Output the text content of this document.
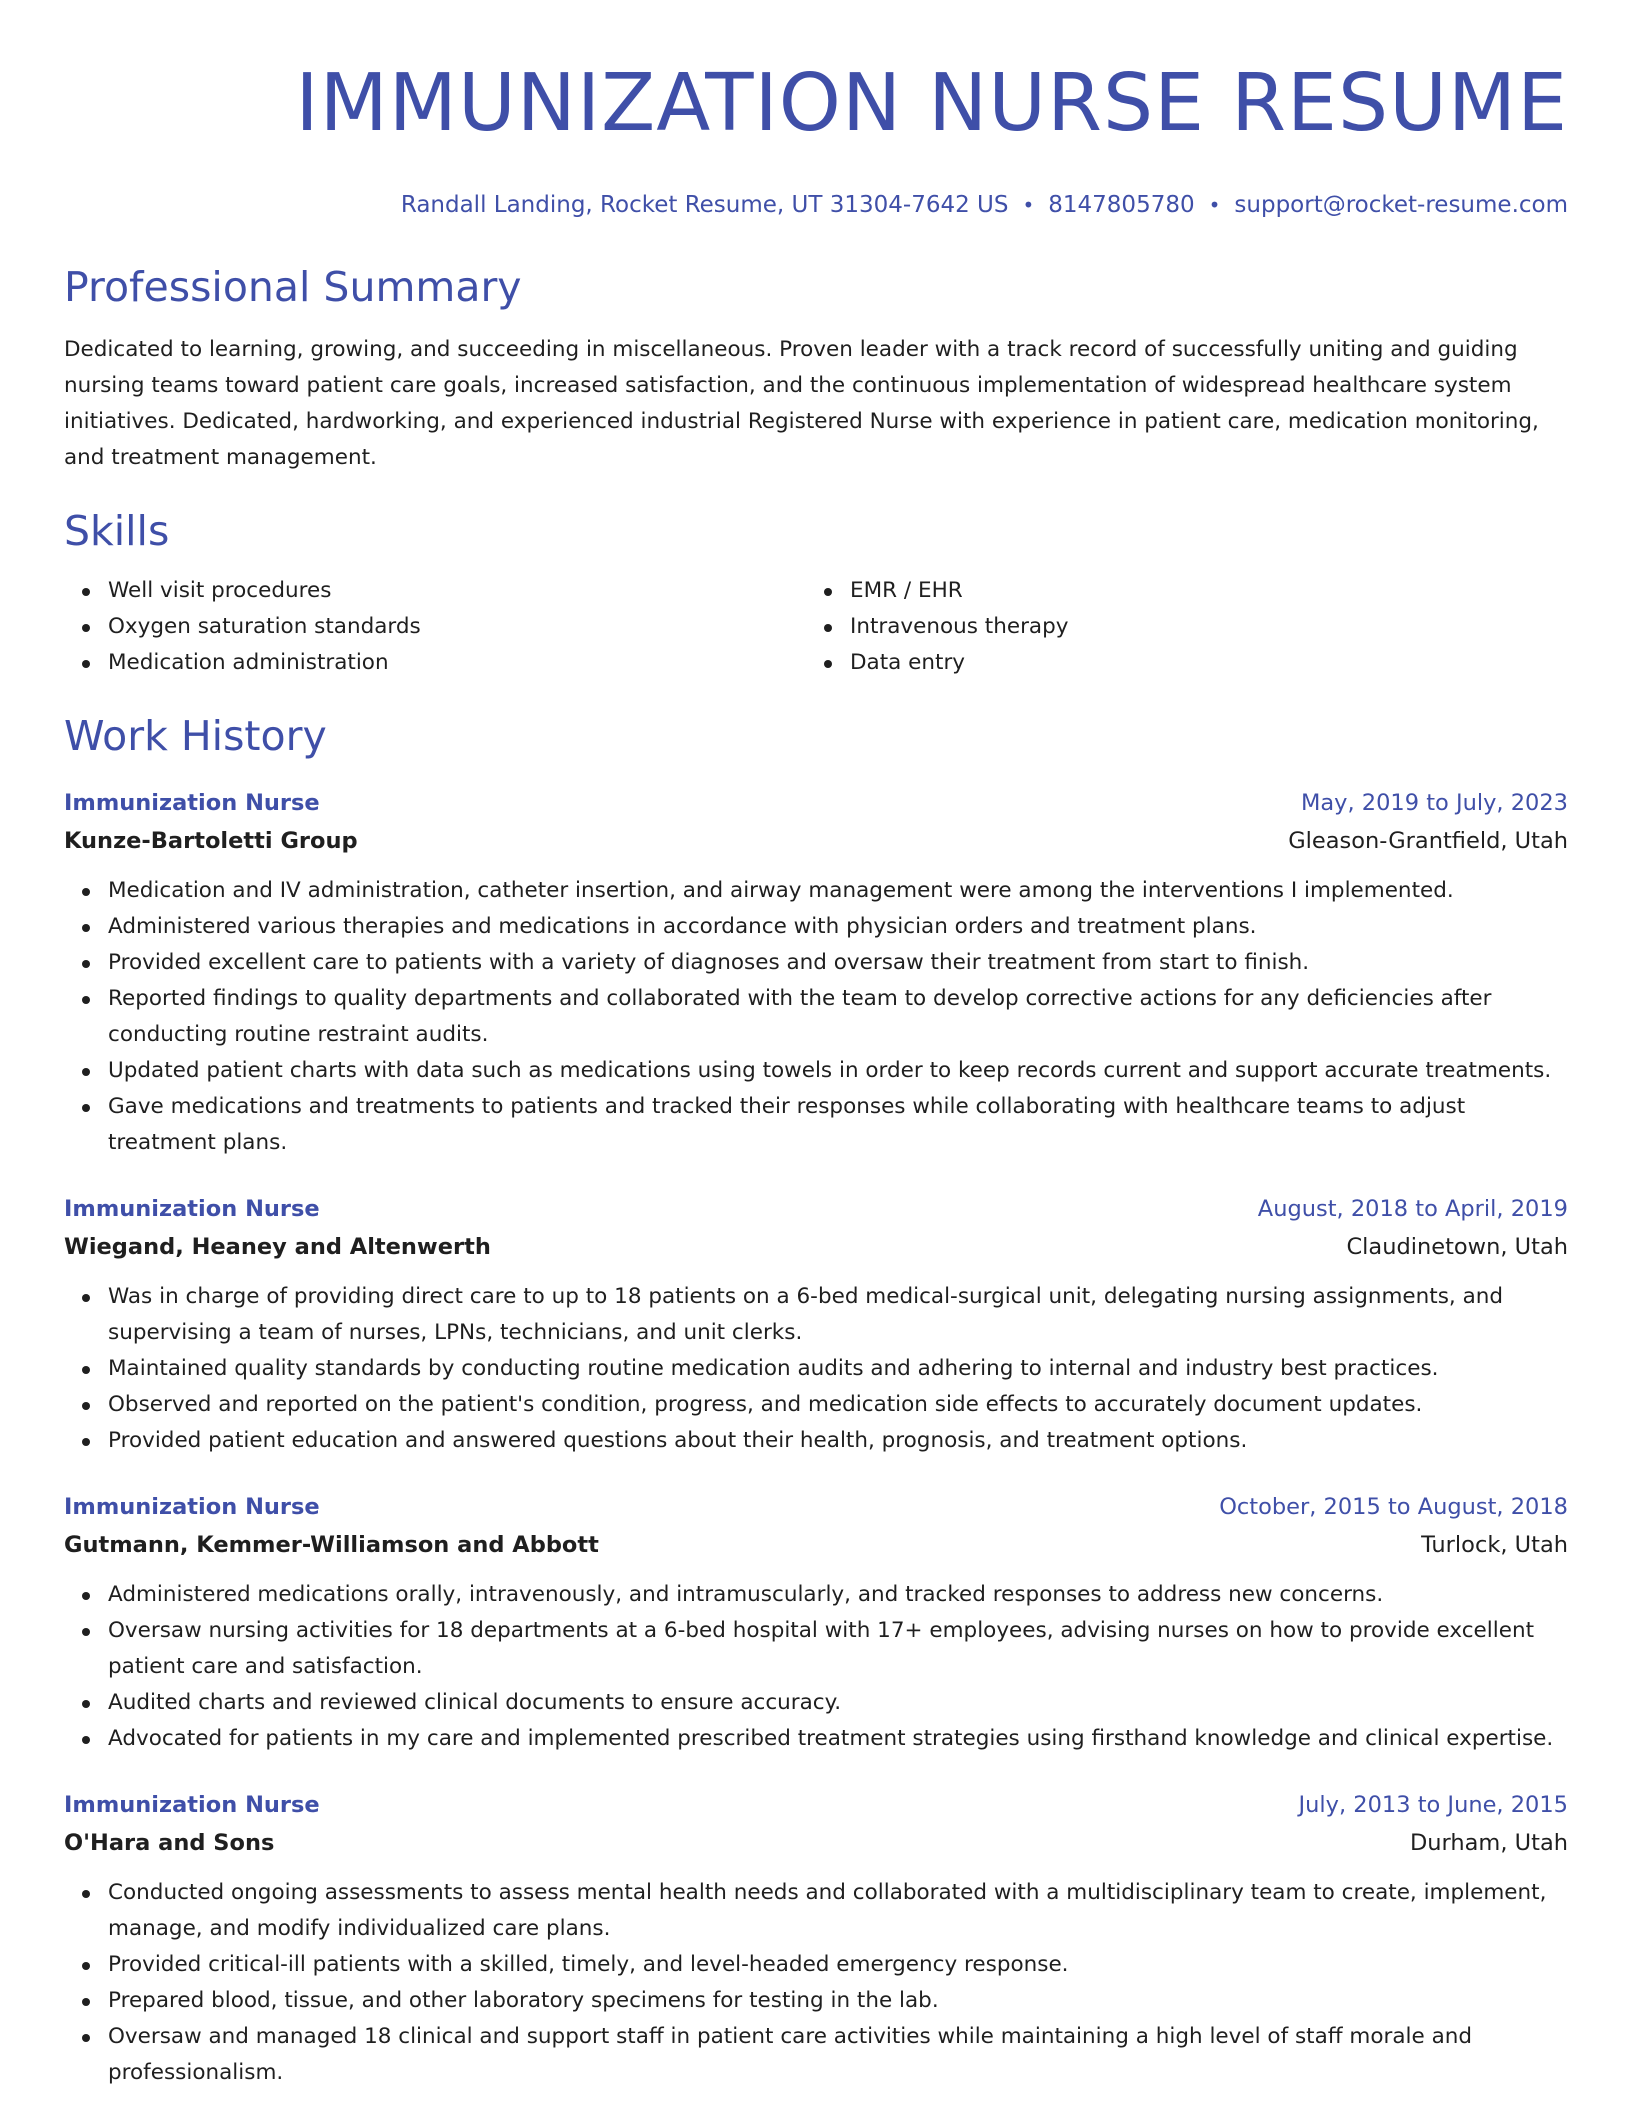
IMMUNIZATION NURSE RESUME
Randall Landing, Rocket Resume, UT 31304-7642 US • 8147805780 • support@rocket-resume.com
Professional Summary
Dedicated to learning, growing, and succeeding in miscellaneous. Proven leader with a track record of successfully uniting and guiding nursing teams toward patient care goals, increased satisfaction, and the continuous implementation of widespread healthcare system initiatives. Dedicated, hardworking, and experienced industrial Registered Nurse with experience in patient care, medication monitoring, and treatment management.
Skills
Well visit procedures
Oxygen saturation standards
Medication administration
EMR / EHR
Intravenous therapy
Data entry
Work History
Immunization Nurse	May, 2019 to July, 2023
Kunze-Bartoletti Group	Gleason-Grantfield, Utah
Medication and IV administration, catheter insertion, and airway management were among the interventions I implemented.
Administered various therapies and medications in accordance with physician orders and treatment plans.
Provided excellent care to patients with a variety of diagnoses and oversaw their treatment from start to finish.
Reported findings to quality departments and collaborated with the team to develop corrective actions for any deficiencies after conducting routine restraint audits.
Updated patient charts with data such as medications using towels in order to keep records current and support accurate treatments.
Gave medications and treatments to patients and tracked their responses while collaborating with healthcare teams to adjust treatment plans.
Immunization Nurse	August, 2018 to April, 2019
Wiegand, Heaney and Altenwerth	Claudinetown, Utah
Was in charge of providing direct care to up to 18 patients on a 6-bed medical-surgical unit, delegating nursing assignments, and supervising a team of nurses, LPNs, technicians, and unit clerks.
Maintained quality standards by conducting routine medication audits and adhering to internal and industry best practices.
Observed and reported on the patient's condition, progress, and medication side effects to accurately document updates.
Provided patient education and answered questions about their health, prognosis, and treatment options.
Immunization Nurse	October, 2015 to August, 2018
Gutmann, Kemmer-Williamson and Abbott	Turlock, Utah
Administered medications orally, intravenously, and intramuscularly, and tracked responses to address new concerns.
Oversaw nursing activities for 18 departments at a 6-bed hospital with 17+ employees, advising nurses on how to provide excellent patient care and satisfaction.
Audited charts and reviewed clinical documents to ensure accuracy.
Advocated for patients in my care and implemented prescribed treatment strategies using firsthand knowledge and clinical expertise.
Immunization Nurse	July, 2013 to June, 2015
O'Hara and Sons	Durham, Utah
Conducted ongoing assessments to assess mental health needs and collaborated with a multidisciplinary team to create, implement, manage, and modify individualized care plans.
Provided critical-ill patients with a skilled, timely, and level-headed emergency response.
Prepared blood, tissue, and other laboratory specimens for testing in the lab.
Oversaw and managed 18 clinical and support staff in patient care activities while maintaining a high level of staff morale and professionalism.
